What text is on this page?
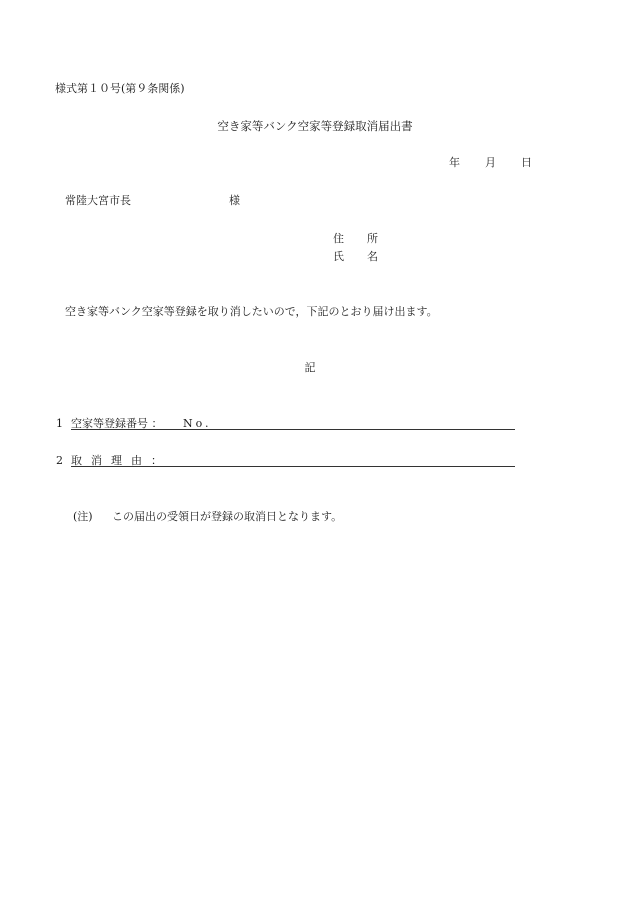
様式第１０号(第９条関係)
空き家等バンク空家等登録取消届出書
年 月 日
常陸大宮市長	様
住 所
氏 名
空き家等バンク空家等登録を取り消したいので，下記のとおり届け出ます。
記
1 空家等登録番号 ： No.
2 取消理由：
(注) この届出の受領日が登録の取消日となります。
